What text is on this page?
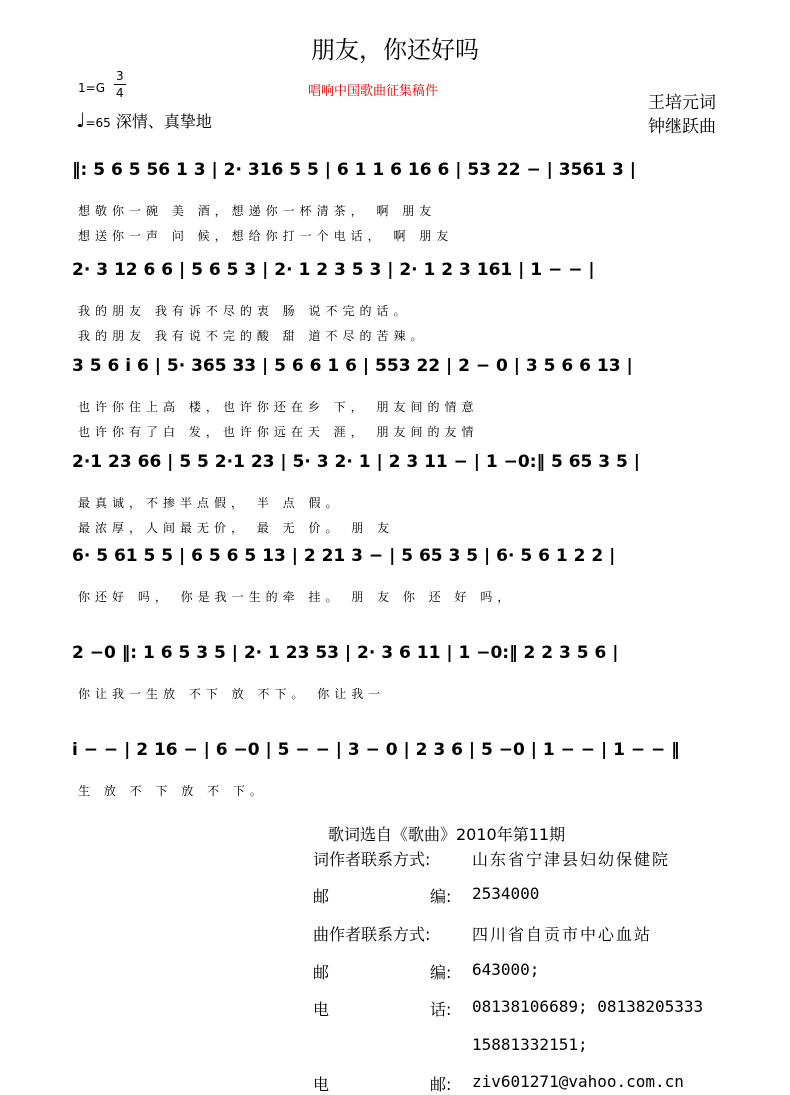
朋友，你还好吗
唱响中国歌曲征集稿件
1=G
3
4
♩=65 深情、真挚地
王培元词
钟继跃曲
‖: 5 6 5 56 1 3 | 2· 316 5 5 | 6 1 1 6 16 6 | 53 22 − | 3561 3 |
想敬你一碗 美 酒，想递你一杯清茶， 啊 朋友
想送你一声 问 候，想给你打一个电话， 啊 朋友
2· 3 12 6 6 | 5 6 5 3 | 2· 1 2 3 5 3 | 2· 1 2 3 161 | 1 − − |
我的朋友 我有诉不尽的衷 肠 说不完的话。
我的朋友 我有说不完的酸 甜 道不尽的苦辣。
3 5 6 i 6 | 5· 365 33 | 5 6 6 1 6 | 553 22 | 2 − 0 | 3 5 6 6 13 |
也许你住上高 楼，也许你还在乡 下， 朋友间的情意
也许你有了白 发，也许你远在天 涯， 朋友间的友情
2·1 23 66 | 5 5 2·1 23 | 5· 3 2· 1 | 2 3 11 − | 1 −0:‖ 5 65 3 5 |
最真诚，不掺半点假， 半 点 假。
最浓厚，人间最无价， 最 无 价。 朋 友
6· 5 61 5 5 | 6 5 6 5 13 | 2 21 3 − | 5 65 3 5 | 6· 5 6 1 2 2 |
你还好 吗， 你是我一生的牵 挂。 朋 友 你 还 好 吗，
2 −0 ‖: 1 6 5 3 5 | 2· 1 23 53 | 2· 3 6 11 | 1 −0:‖ 2 2 3 5 6 |
你让我一生放 不下 放 不下。 你让我一
i − − | 2 16 − | 6 −0 | 5 − − | 3 − 0 | 2 3 6 | 5 −0 | 1 − − | 1 − − ‖
生 放 不 下 放 不 下。
歌词选自《歌曲》2010年第11期
词作者联系方式:	山东省宁津县妇幼保健院
邮	编: 2534000
曲作者联系方式:	四川省自贡市中心血站
邮	编: 643000;
电	话: 08138106689; 08138205333
15881332151;
电	邮: ziv601271@vahoo.com.cn
